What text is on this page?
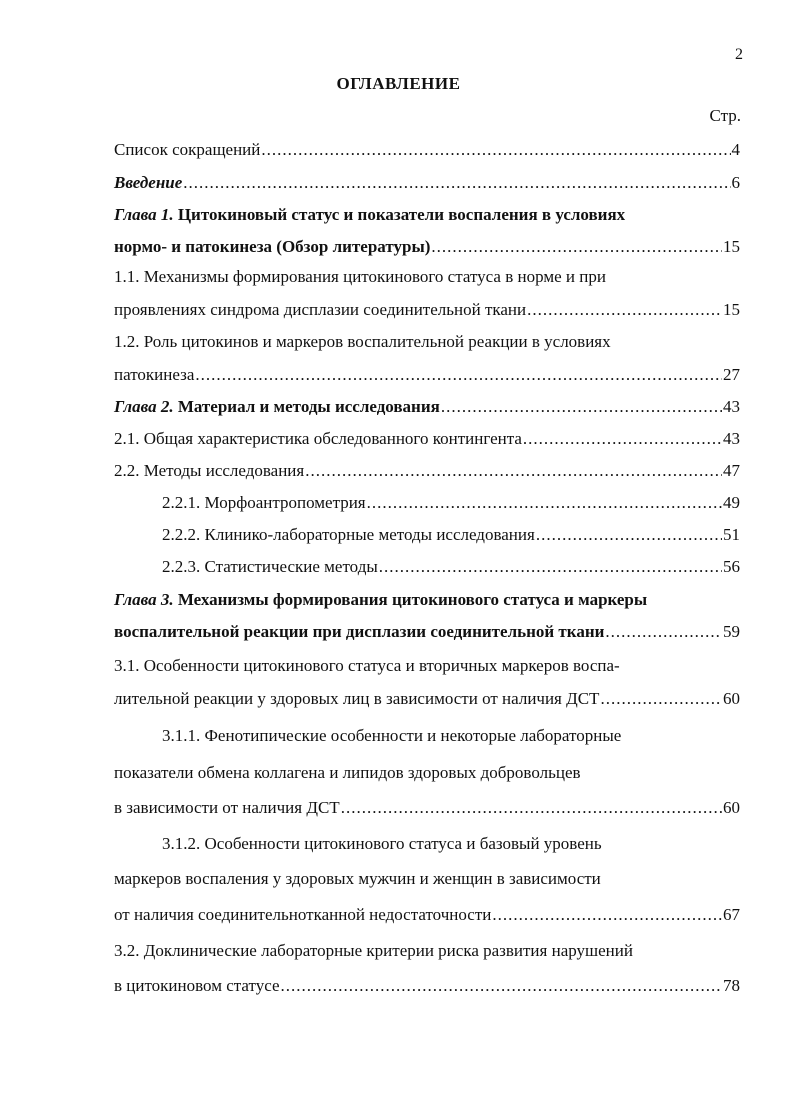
2
ОГЛАВЛЕНИЕ
Стр.
Список сокращений .....	4
Введение .....	6
Глава 1. Цитокиновый статус и показатели воспаления в условиях
нормо- и патокинеза (Обзор литературы) .....	15
1.1. Механизмы формирования цитокинового статуса в норме и при
проявлениях синдрома дисплазии соединительной ткани .....	15
1.2. Роль цитокинов и маркеров воспалительной реакции в условиях
патокинеза .....	27
Глава 2. Материал и методы исследования .....	43
2.1. Общая характеристика обследованного контингента .....	43
2.2. Методы исследования .....	47
2.2.1. Морфоантропометрия .....	49
2.2.2. Клинико-лабораторные методы исследования .....	51
2.2.3. Статистические методы .....	56
Глава 3. Механизмы формирования цитокинового статуса и маркеры
воспалительной реакции при дисплазии соединительной ткани .....	59
3.1. Особенности цитокинового статуса и вторичных маркеров воспа-
лительной реакции у здоровых лиц в зависимости от наличия ДСТ .....	60
3.1.1. Фенотипические особенности и некоторые лабораторные
показатели обмена коллагена и липидов здоровых добровольцев
в зависимости от наличия ДСТ .....	60
3.1.2. Особенности цитокинового статуса и базовый уровень
маркеров воспаления у здоровых мужчин и женщин в зависимости
от наличия соединительнотканной недостаточности .....	67
3.2. Доклинические лабораторные критерии риска развития нарушений
в цитокиновом статусе .....	78
